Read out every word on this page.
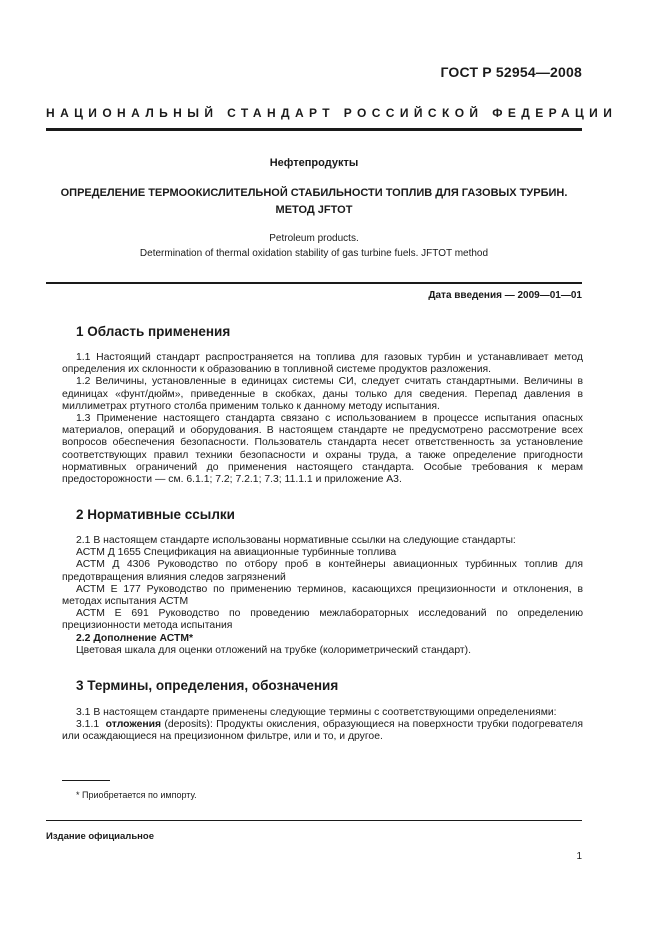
ГОСТ Р 52954—2008
НАЦИОНАЛЬНЫЙ СТАНДАРТ РОССИЙСКОЙ ФЕДЕРАЦИИ
Нефтепродукты
ОПРЕДЕЛЕНИЕ ТЕРМООКИСЛИТЕЛЬНОЙ СТАБИЛЬНОСТИ ТОПЛИВ ДЛЯ ГАЗОВЫХ ТУРБИН.
МЕТОД JFTOT
Petroleum products.
Determination of thermal oxidation stability of gas turbine fuels. JFTOT method
Дата введения — 2009—01—01
1 Область применения

1.1 Настоящий стандарт распространяется на топлива для газовых турбин и устанавливает метод определения их склонности к образованию в топливной системе продуктов разложения.

1.2 Величины, установленные в единицах системы СИ, следует считать стандартными. Величины в единицах «фунт/дюйм», приведенные в скобках, даны только для сведения. Перепад давления в миллиметрах ртутного столба применим только к данному методу испытания.

1.3 Применение настоящего стандарта связано с использованием в процессе испытания опасных материалов, операций и оборудования. В настоящем стандарте не предусмотрено рассмотрение всех вопросов обеспечения безопасности. Пользователь стандарта несет ответственность за установление соответствующих правил техники безопасности и охраны труда, а также определение пригодности нормативных ограничений до применения настоящего стандарта. Особые требования к мерам предосторожности — см. 6.1.1; 7.2; 7.2.1; 7.3; 11.1.1 и приложение А3.

2 Нормативные ссылки

2.1 В настоящем стандарте использованы нормативные ссылки на следующие стандарты:

АСТМ Д 1655 Спецификация на авиационные турбинные топлива

АСТМ Д 4306 Руководство по отбору проб в контейнеры авиационных турбинных топлив для предотвращения влияния следов загрязнений

АСТМ Е 177 Руководство по применению терминов, касающихся прецизионности и отклонения, в методах испытания АСТМ

АСТМ Е 691 Руководство по проведению межлабораторных исследований по определению прецизионности метода испытания

2.2 Дополнение АСТМ*

Цветовая шкала для оценки отложений на трубке (колориметрический стандарт).

3 Термины, определения, обозначения

3.1 В настоящем стандарте применены следующие термины с соответствующими определениями:

3.1.1 отложения (deposits): Продукты окисления, образующиеся на поверхности трубки подогревателя или осаждающиеся на прецизионном фильтре, или и то, и другое.

* Приобретается по импорту.
Издание официальное
1
